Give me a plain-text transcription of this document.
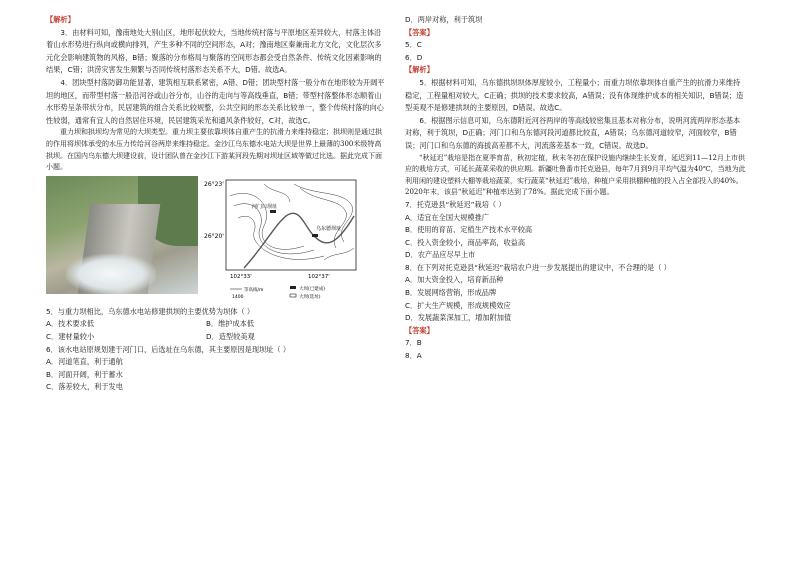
【解析】

3．由材料可知，豫南地处大别山区，地形起伏较大，当地传统村落与平原地区差异较大，村落主体沿着山水形势进行纵向或横向排列，产生多种不同的空间形态，A对；豫南地区秦兼南北方文化，文化层次多元化会影响建筑物的风格，B错；聚落的分布格局与聚落的空间形态都会受自然条件、传统文化因素影响的结果，C错；洪涝灾害发生频繁与否同传统村落形态关系不大，D错。故选A。

4．团块型村落防御功能显著，建筑相互联系紧密，A错、D错；团块型村落一般分布在地形较为开阔平坦的地区，而带型村落一般沿河谷或山谷分布，山谷的走向与等高线垂直，B错；带型村落整体形态顺着山水形势呈条带状分布，民居建筑的组合关系比较规整，公共空间的形态关系比较单一，整个传统村落的向心性较弱，通常有宜人的自然居住环境，民居建筑采光和通风条件较好，C对，故选C。

重力坝和拱坝均为常见的大坝类型。重力坝主要依靠坝体自重产生的抗滑力来维持稳定；拱坝则是通过拱的作用将坝体承受的水压力传给河谷两岸来维持稳定。金沙江乌东德水电站大坝是世界上最薄的300米级特高拱坝。在国内乌东德大坝建设前，设计团队曾在金沙江下游某河段先期对坝址区域等做过比选。据此完成下面小题。

26°23'
26°20'
河门口坝址
乌东德坝址
102°33'	102°37'
等高线/m
1400
大坝(已建成)
大坝(选址)

5．与重力坝相比，乌东德水电站修建拱坝的主要优势为坝体（ ）

A．技术要求低	B．维护成本低
C．建材量较小	D．造型较美观

6．该水电站原规划建于河门口，后选址在乌东德，其主要原因是现坝址（ ）

A．河道笔直，利于通航

B．河面开阔，利于蓄水

C．落差较大，利于发电

D．两岸对称，利于筑坝

【答案】

5．C

6．D

【解析】

5．根据材料可知，乌东德拱坝坝体厚度较小，工程量小；而重力坝依靠坝体自重产生的抗滑力来维持稳定，工程量相对较大，C正确；拱坝的技术要求较高，A错误；没有体现维护成本的相关知识，B错误；造型美观不是修建拱坝的主要原因，D错误。故选C。

6．根据图示信息可知，乌东德附近河谷两岸的等高线较密集且基本对称分布，说明河流两岸形态基本对称，利于筑坝，D正确；河门口和乌东德河段河道都比较直，A错误；乌东德河道较窄，河面较窄，B错误；河门口和乌东德的海拔高差都不大，河流落差基本一致，C错误。故选D。

“秋延迟”栽培是指在夏季育苗，秋初定植，秋末冬初在保护设施内继续生长发育，延迟到11—12月上市供应的栽培方式，可延长蔬菜采收的供应期。新疆吐鲁番市托克逊县，每年7月到9月平均气温为40℃，当地为此利用闲的建设塑料大棚等栽培蔬菜，实行蔬菜“秋延迟”栽培，种植户采用拱棚种植的投入占全部投入的40%。2020年末，该县“秋延迟”种植率达到了78%。据此完成下面小题。

7．托克逊县“秋延迟”栽培（ ）

A．适宜在全国大规模推广

B．使用的育苗、定植生产技术水平较高

C．投入资金较小，商品率高，收益高

D．农产品应尽早上市

8．在下列对托克逊县“秋延迟”栽培农户进一步发展提出的建议中，不合理的是（ ）

A．加大资金投入，培育新品种

B．发展网络营销，形成品牌

C．扩大生产规模，形成规模效应

D．发展蔬菜深加工，增加附加值

【答案】

7．B

8．A
